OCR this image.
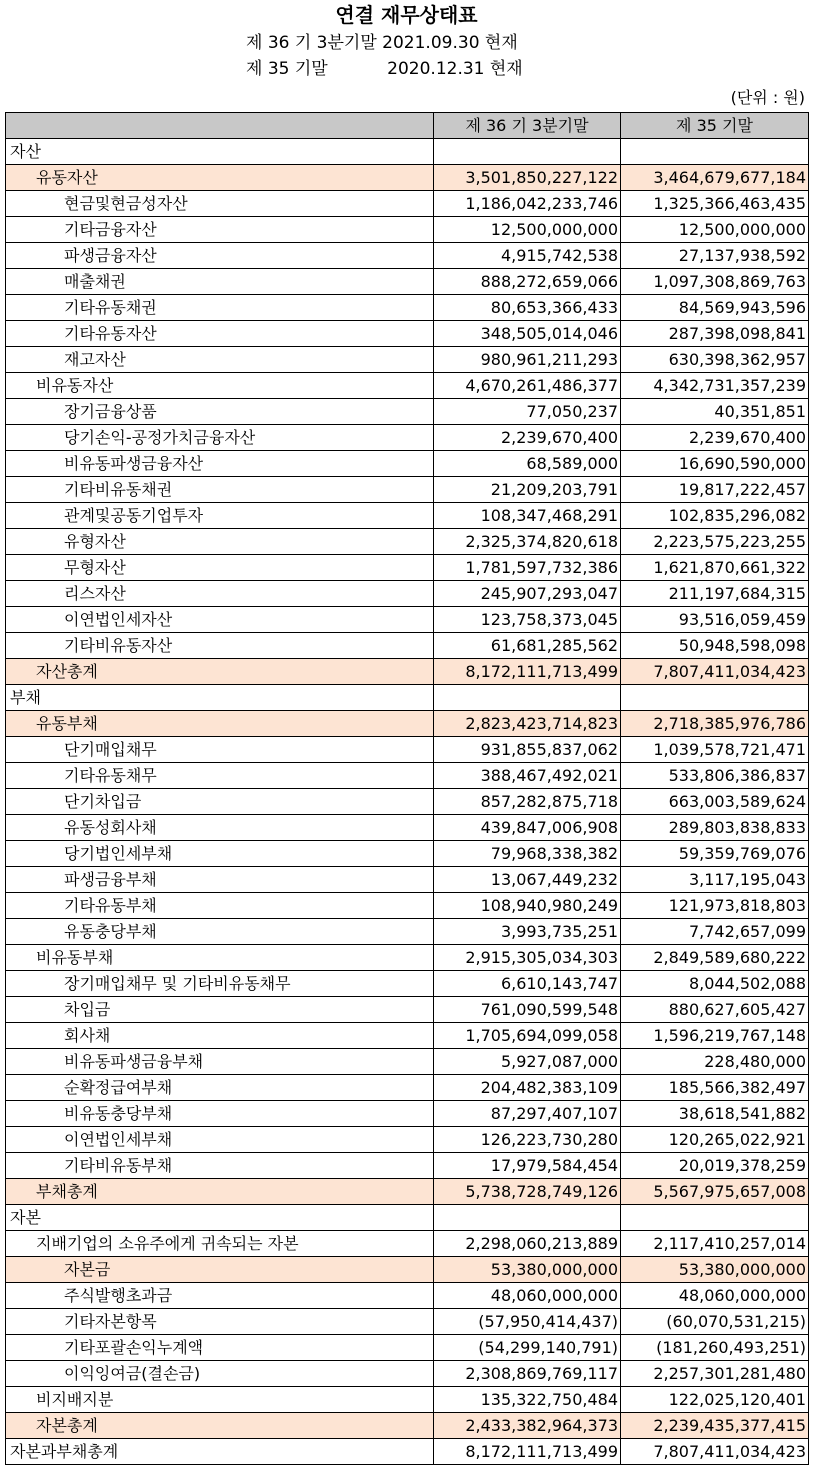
연결 재무상태표
제 36 기 3분기말 2021.09.30 현재
제 35 기말           2020.12.31 현재
(단위 : 원)
	제 36 기 3분기말	제 35 기말
자산		
유동자산	3,501,850,227,122	3,464,679,677,184
현금및현금성자산	1,186,042,233,746	1,325,366,463,435
기타금융자산	12,500,000,000	12,500,000,000
파생금융자산	4,915,742,538	27,137,938,592
매출채권	888,272,659,066	1,097,308,869,763
기타유동채권	80,653,366,433	84,569,943,596
기타유동자산	348,505,014,046	287,398,098,841
재고자산	980,961,211,293	630,398,362,957
비유동자산	4,670,261,486,377	4,342,731,357,239
장기금융상품	77,050,237	40,351,851
당기손익-공정가치금융자산	2,239,670,400	2,239,670,400
비유동파생금융자산	68,589,000	16,690,590,000
기타비유동채권	21,209,203,791	19,817,222,457
관계및공동기업투자	108,347,468,291	102,835,296,082
유형자산	2,325,374,820,618	2,223,575,223,255
무형자산	1,781,597,732,386	1,621,870,661,322
리스자산	245,907,293,047	211,197,684,315
이연법인세자산	123,758,373,045	93,516,059,459
기타비유동자산	61,681,285,562	50,948,598,098
자산총계	8,172,111,713,499	7,807,411,034,423
부채		
유동부채	2,823,423,714,823	2,718,385,976,786
단기매입채무	931,855,837,062	1,039,578,721,471
기타유동채무	388,467,492,021	533,806,386,837
단기차입금	857,282,875,718	663,003,589,624
유동성회사채	439,847,006,908	289,803,838,833
당기법인세부채	79,968,338,382	59,359,769,076
파생금융부채	13,067,449,232	3,117,195,043
기타유동부채	108,940,980,249	121,973,818,803
유동충당부채	3,993,735,251	7,742,657,099
비유동부채	2,915,305,034,303	2,849,589,680,222
장기매입채무 및 기타비유동채무	6,610,143,747	8,044,502,088
차입금	761,090,599,548	880,627,605,427
회사채	1,705,694,099,058	1,596,219,767,148
비유동파생금융부채	5,927,087,000	228,480,000
순확정급여부채	204,482,383,109	185,566,382,497
비유동충당부채	87,297,407,107	38,618,541,882
이연법인세부채	126,223,730,280	120,265,022,921
기타비유동부채	17,979,584,454	20,019,378,259
부채총계	5,738,728,749,126	5,567,975,657,008
자본		
지배기업의 소유주에게 귀속되는 자본	2,298,060,213,889	2,117,410,257,014
자본금	53,380,000,000	53,380,000,000
주식발행초과금	48,060,000,000	48,060,000,000
기타자본항목	(57,950,414,437)	(60,070,531,215)
기타포괄손익누계액	(54,299,140,791)	(181,260,493,251)
이익잉여금(결손금)	2,308,869,769,117	2,257,301,281,480
비지배지분	135,322,750,484	122,025,120,401
자본총계	2,433,382,964,373	2,239,435,377,415
자본과부채총계	8,172,111,713,499	7,807,411,034,423
